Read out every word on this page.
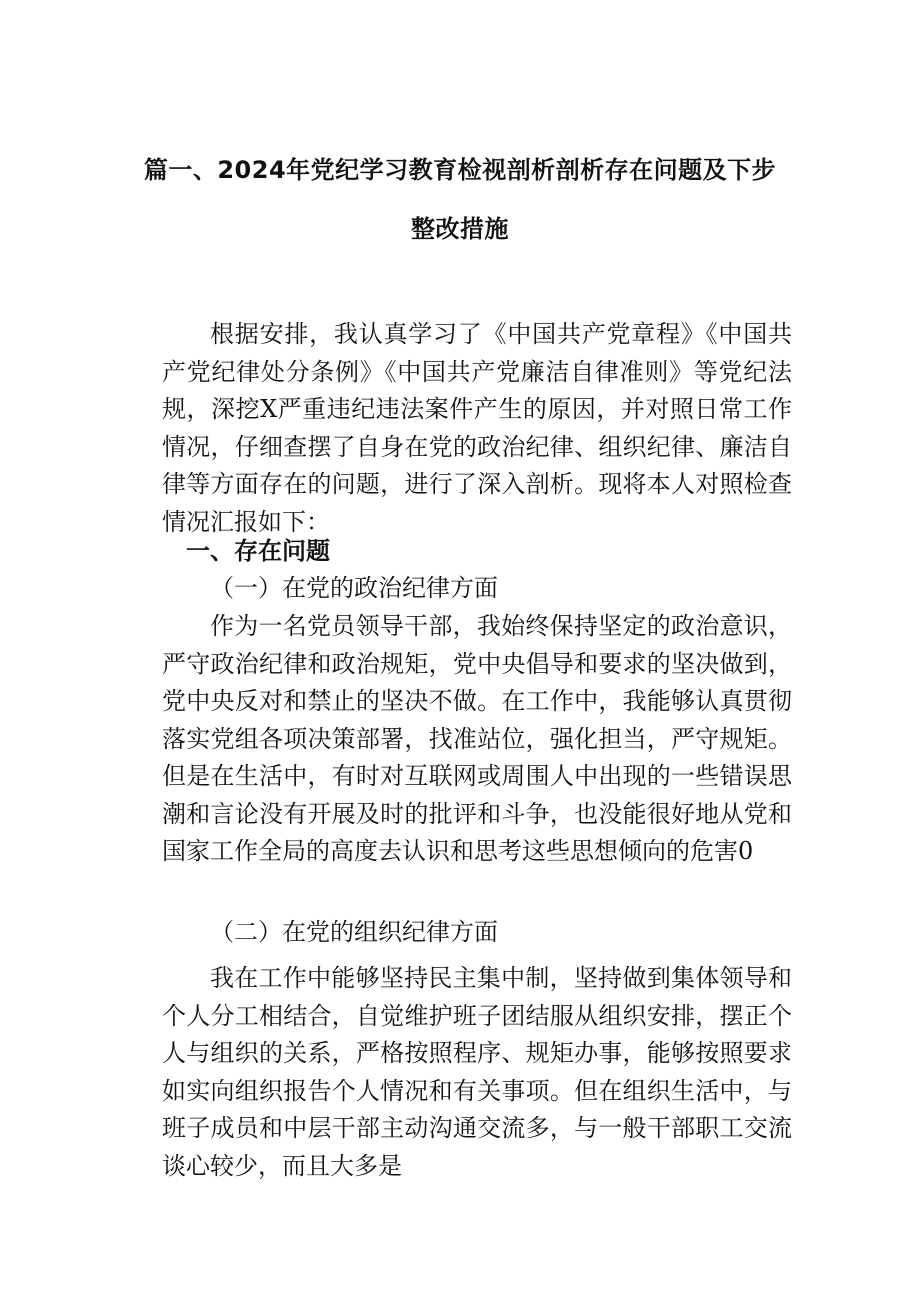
篇一、2024年党纪学习教育检视剖析剖析存在问题及下步
整改措施

根据安排，我认真学习了《中国共产党章程》《中国共产党纪律处分条例》《中国共产党廉洁自律准则》等党纪法规，深挖X严重违纪违法案件产生的原因，并对照日常工作情况，仔细查摆了自身在党的政治纪律、组织纪律、廉洁自律等方面存在的问题，进行了深入剖析。现将本人对照检查情况汇报如下：

一、存在问题

（一）在党的政治纪律方面

作为一名党员领导干部，我始终保持坚定的政治意识，严守政治纪律和政治规矩，党中央倡导和要求的坚决做到，党中央反对和禁止的坚决不做。在工作中，我能够认真贯彻落实党组各项决策部署，找准站位，强化担当，严守规矩。但是在生活中，有时对互联网或周围人中出现的一些错误思潮和言论没有开展及时的批评和斗争，也没能很好地从党和国家工作全局的高度去认识和思考这些思想倾向的危害0

（二）在党的组织纪律方面

我在工作中能够坚持民主集中制，坚持做到集体领导和个人分工相结合，自觉维护班子团结服从组织安排，摆正个人与组织的关系，严格按照程序、规矩办事，能够按照要求如实向组织报告个人情况和有关事项。但在组织生活中，与班子成员和中层干部主动沟通交流多，与一般干部职工交流谈心较少，而且大多是
